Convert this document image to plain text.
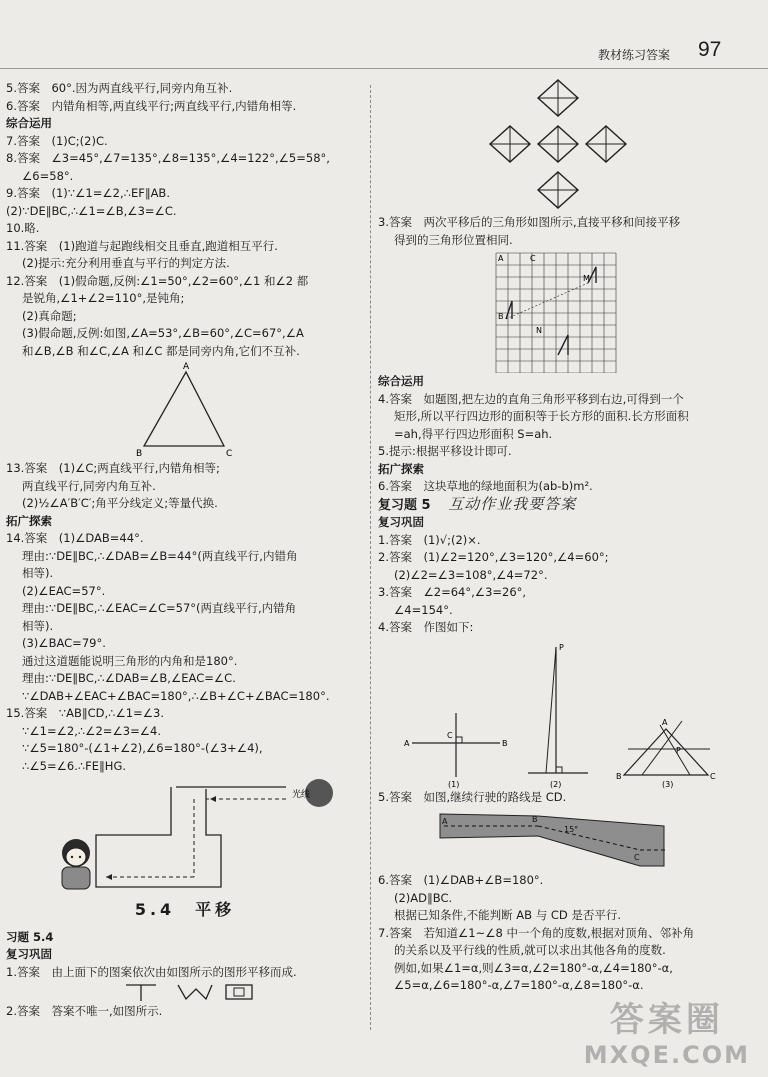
教材练习答案 97
5.答案　60°.因为两直线平行,同旁内角互补.
6.答案　内错角相等,两直线平行;两直线平行,内错角相等.
综合运用
7.答案　(1)C;(2)C.
8.答案　∠3=45°,∠7=135°,∠8=135°,∠4=122°,∠5=58°,
∠6=58°.
9.答案　(1)∵∠1=∠2,∴EF∥AB.
(2)∵DE∥BC,∴∠1=∠B,∠3=∠C.
10.略.
11.答案　(1)跑道与起跑线相交且垂直,跑道相互平行.
(2)提示:充分利用垂直与平行的判定方法.
12.答案　(1)假命题,反例:∠1=50°,∠2=60°,∠1 和∠2 都
是锐角,∠1+∠2=110°,是钝角;
(2)真命题;
(3)假命题,反例:如图,∠A=53°,∠B=60°,∠C=67°,∠A
和∠B,∠B 和∠C,∠A 和∠C 都是同旁内角,它们不互补.
A
B	C
13.答案　(1)∠C;两直线平行,内错角相等;
两直线平行,同旁内角互补.
(2)½∠A′B′C′;角平分线定义;等量代换.
拓广探索
14.答案　(1)∠DAB=44°.
理由:∵DE∥BC,∴∠DAB=∠B=44°(两直线平行,内错角
相等).
(2)∠EAC=57°.
理由:∵DE∥BC,∴∠EAC=∠C=57°(两直线平行,内错角
相等).
(3)∠BAC=79°.
通过这道题能说明三角形的内角和是180°.
理由:∵DE∥BC,∴∠DAB=∠B,∠EAC=∠C.
∵∠DAB+∠EAC+∠BAC=180°,∴∠B+∠C+∠BAC=180°.
15.答案　∵AB∥CD,∴∠1=∠3.
∵∠1=∠2,∴∠2=∠3=∠4.
∵∠5=180°-(∠1+∠2),∠6=180°-(∠3+∠4),
∴∠5=∠6.∴FE∥HG.
光线
5.4　平移
习题 5.4
复习巩固
1.答案　由上面下的图案依次由如图所示的图形平移而成.
2.答案　答案不唯一,如图所示.
3.答案　两次平移后的三角形如图所示,直接平移和间接平移
得到的三角形位置相同.
A	C
B
M
N
综合运用
4.答案　如题图,把左边的直角三角形平移到右边,可得到一个
矩形,所以平行四边形的面积等于长方形的面积.长方形面积
=ah,得平行四边形面积 S=ah.
5.提示:根据平移设计即可.
拓广探索
6.答案　这块草地的绿地面积为(ab-b)m².
复习题 5 互动作业我要答案
复习巩固
1.答案　(1)√;(2)×.
2.答案　(1)∠2=120°,∠3=120°,∠4=60°;
(2)∠2=∠3=108°,∠4=72°.
3.答案　∠2=64°,∠3=26°,
∠4=154°.
4.答案　作图如下:
A	B
C
(1)
P
(2)
A
B	C
P
(3)
5.答案　如图,继续行驶的路线是 CD.
A	B
C
15°
6.答案　(1)∠DAB+∠B=180°.
(2)AD∥BC.
根据已知条件,不能判断 AB 与 CD 是否平行.
7.答案　若知道∠1~∠8 中一个角的度数,根据对顶角、邻补角
的关系以及平行线的性质,就可以求出其他各角的度数.
例如,如果∠1=α,则∠3=α,∠2=180°-α,∠4=180°-α,
∠5=α,∠6=180°-α,∠7=180°-α,∠8=180°-α.
答案圈
MXQE.COM
